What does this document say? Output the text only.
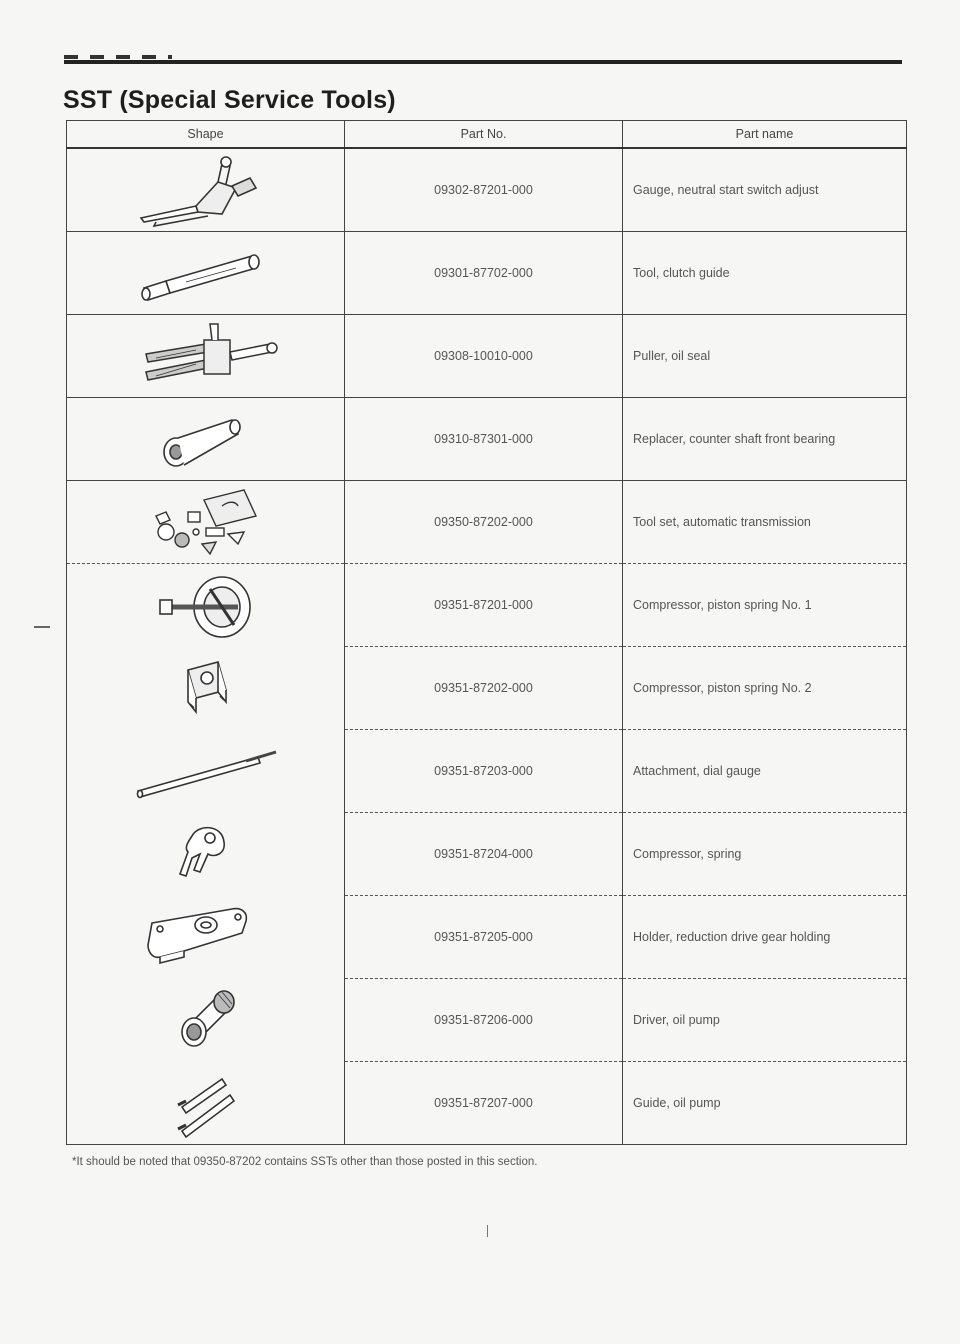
SST (Special Service Tools)
Shape	Part No.	Part name

	09302-87201-000	Gauge, neutral start switch adjust

	09301-87702-000	Tool, clutch guide

	09308-10010-000	Puller, oil seal

	09310-87301-000	Replacer, counter shaft front bearing

	09350-87202-000	Tool set, automatic transmission

	09351-87201-000	Compressor, piston spring No. 1

	09351-87202-000	Compressor, piston spring No. 2

	09351-87203-000	Attachment, dial gauge

	09351-87204-000	Compressor, spring

	09351-87205-000	Holder, reduction drive gear holding

	09351-87206-000	Driver, oil pump

	09351-87207-000	Guide, oil pump

*It should be noted that 09350-87202 contains SSTs other than those posted in this section.
